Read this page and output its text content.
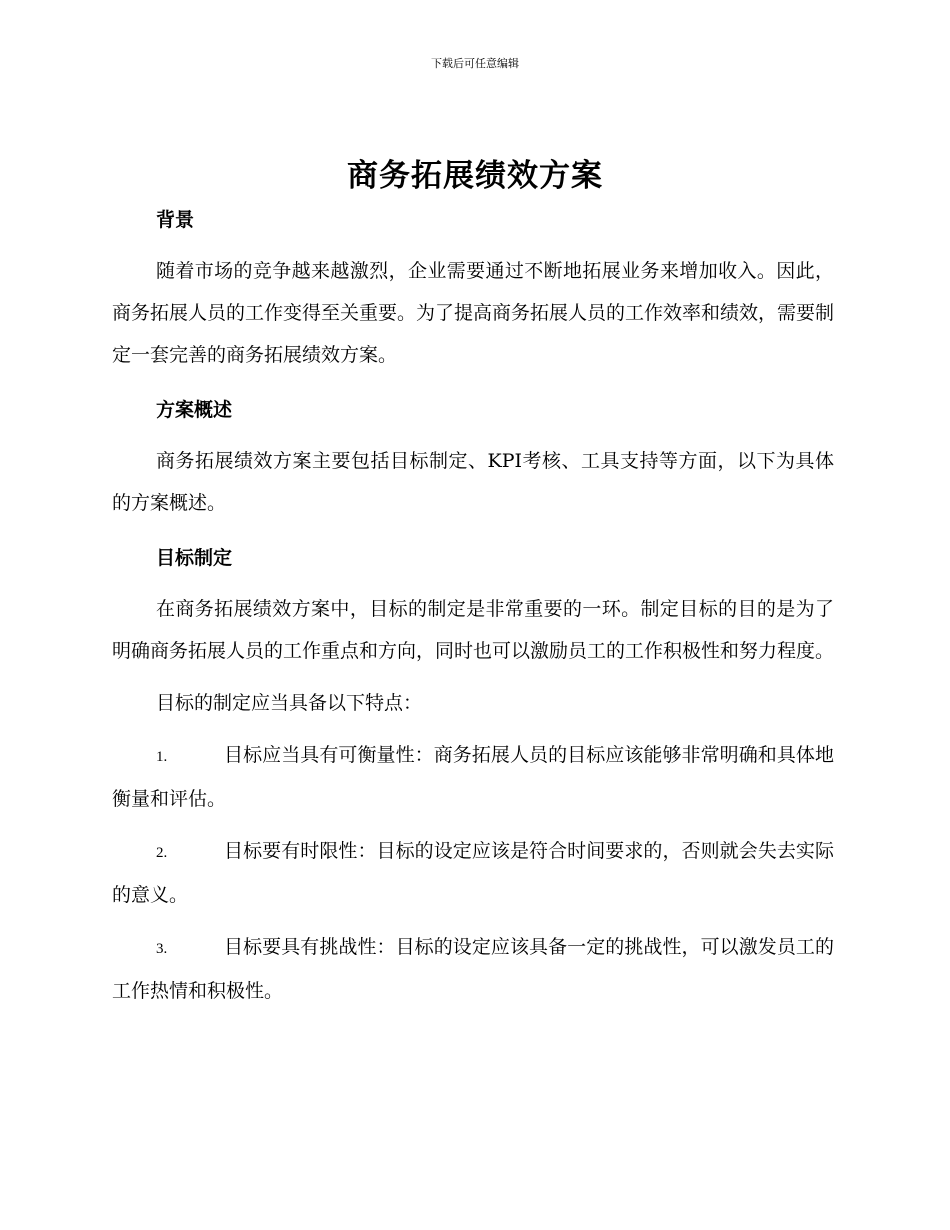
下载后可任意编辑
商务拓展绩效方案

背景

随着市场的竞争越来越激烈，企业需要通过不断地拓展业务来增加收入。因此，商务拓展人员的工作变得至关重要。为了提高商务拓展人员的工作效率和绩效，需要制定一套完善的商务拓展绩效方案。

方案概述

商务拓展绩效方案主要包括目标制定、KPI考核、工具支持等方面，以下为具体的方案概述。

目标制定

在商务拓展绩效方案中，目标的制定是非常重要的一环。制定目标的目的是为了明确商务拓展人员的工作重点和方向，同时也可以激励员工的工作积极性和努力程度。

目标的制定应当具备以下特点：

1.	目标应当具有可衡量性：商务拓展人员的目标应该能够非常明确和具体地衡量和评估。

2.	目标要有时限性：目标的设定应该是符合时间要求的，否则就会失去实际的意义。

3.	目标要具有挑战性：目标的设定应该具备一定的挑战性，可以激发员工的工作热情和积极性。
